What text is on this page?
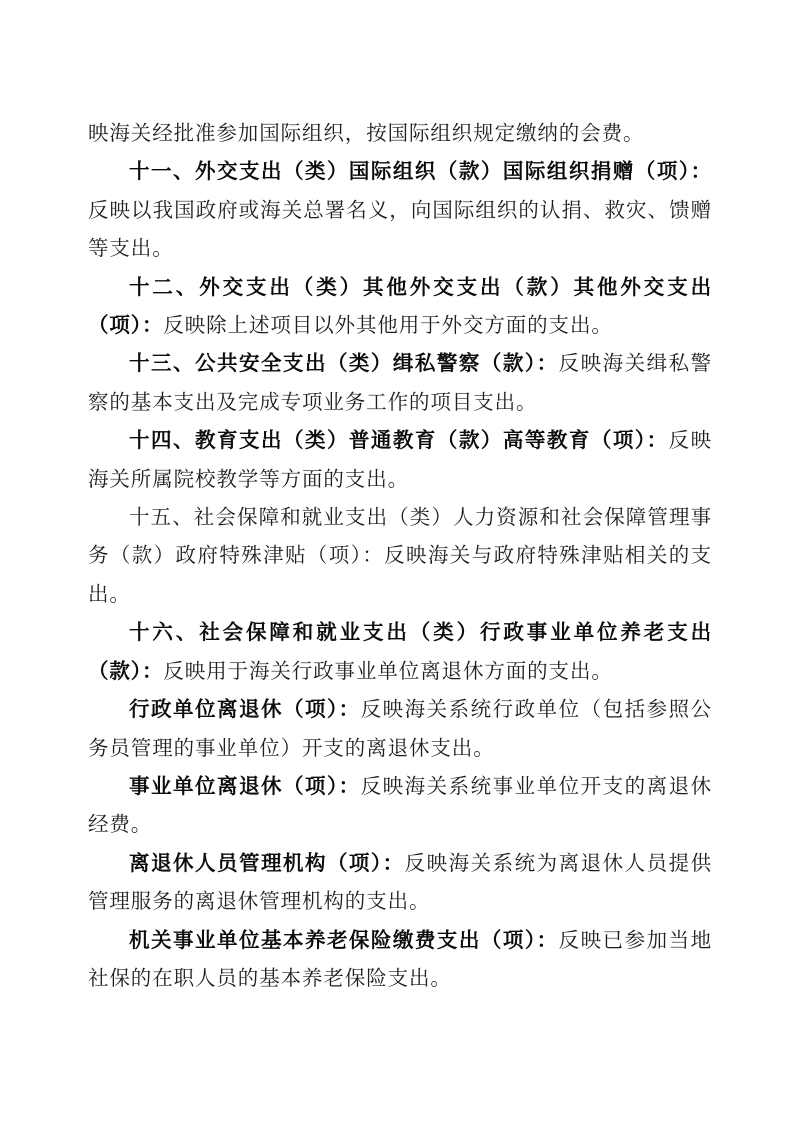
映海关经批准参加国际组织，按国际组织规定缴纳的会费。

十一、外交支出（类）国际组织（款）国际组织捐赠（项）：反映以我国政府或海关总署名义，向国际组织的认捐、救灾、馈赠等支出。

十二、外交支出（类）其他外交支出（款）其他外交支出（项）：反映除上述项目以外其他用于外交方面的支出。

十三、公共安全支出（类）缉私警察（款）：反映海关缉私警察的基本支出及完成专项业务工作的项目支出。

十四、教育支出（类）普通教育（款）高等教育（项）：反映海关所属院校教学等方面的支出。

十五、社会保障和就业支出（类）人力资源和社会保障管理事务（款）政府特殊津贴（项）：反映海关与政府特殊津贴相关的支出。

十六、社会保障和就业支出（类）行政事业单位养老支出（款）：反映用于海关行政事业单位离退休方面的支出。

行政单位离退休（项）：反映海关系统行政单位（包括参照公务员管理的事业单位）开支的离退休支出。

事业单位离退休（项）：反映海关系统事业单位开支的离退休经费。

离退休人员管理机构（项）：反映海关系统为离退休人员提供管理服务的离退休管理机构的支出。

机关事业单位基本养老保险缴费支出（项）：反映已参加当地社保的在职人员的基本养老保险支出。
